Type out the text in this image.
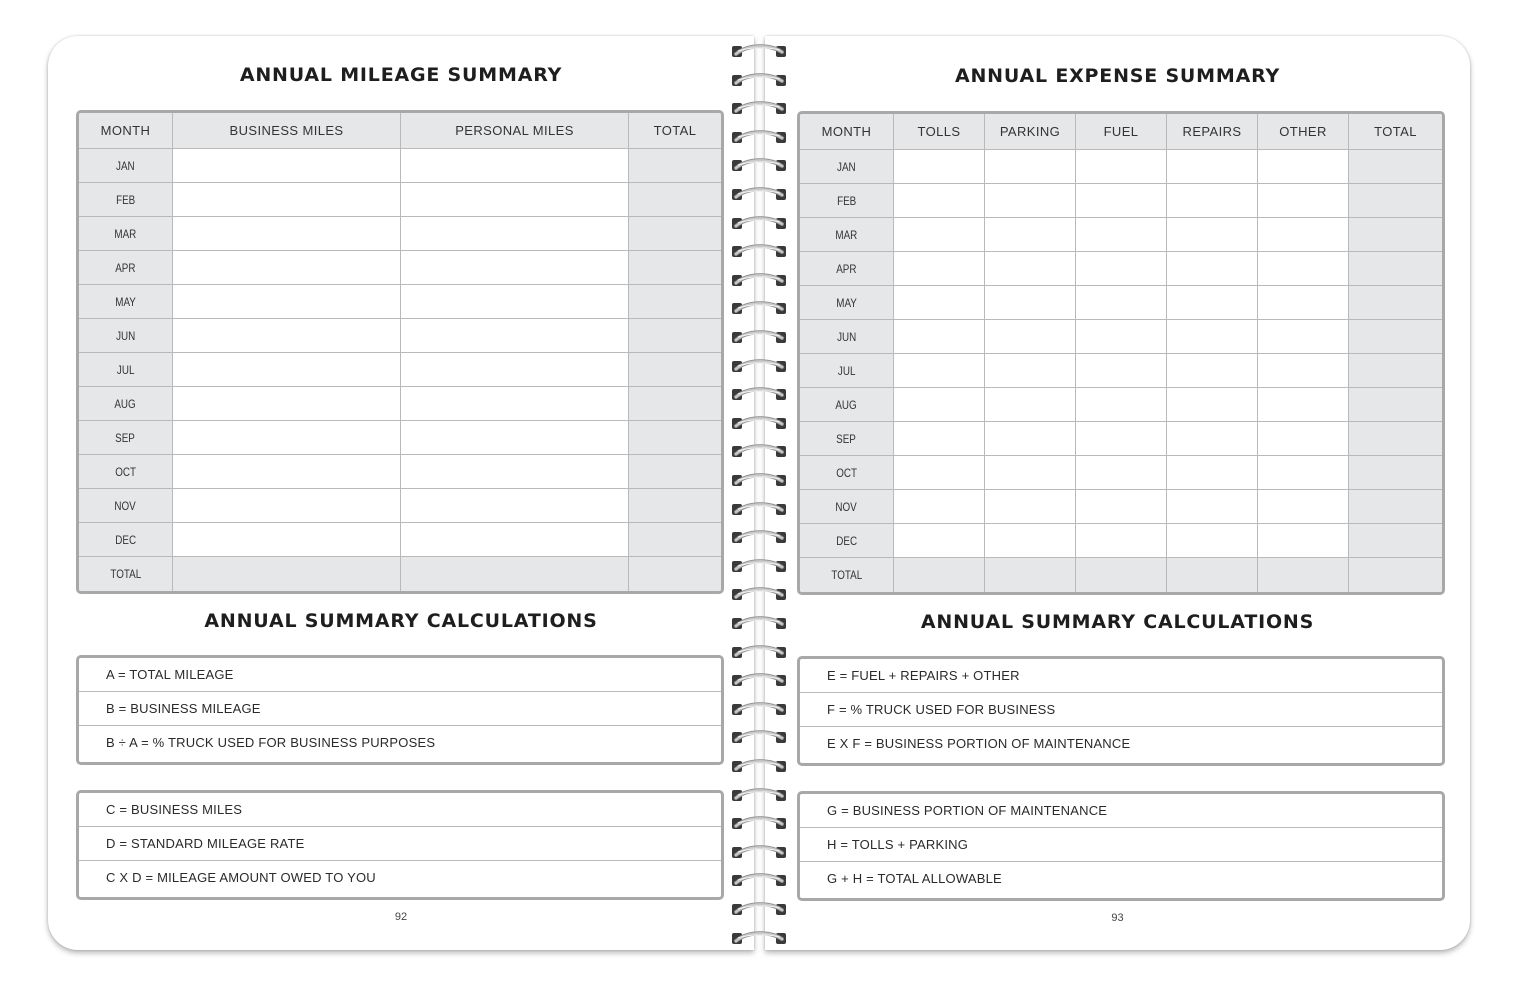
ANNUAL MILEAGE SUMMARY
MONTH	BUSINESS MILES	PERSONAL MILES	TOTAL
JAN			
FEB			
MAR			
APR			
MAY			
JUN			
JUL			
AUG			
SEP			
OCT			
NOV			
DEC			
TOTAL			
ANNUAL SUMMARY CALCULATIONS
A = TOTAL MILEAGE
B = BUSINESS MILEAGE
B ÷ A = % TRUCK USED FOR BUSINESS PURPOSES
C = BUSINESS MILES
D = STANDARD MILEAGE RATE
C X D = MILEAGE AMOUNT OWED TO YOU
92
ANNUAL EXPENSE SUMMARY
MONTH	TOLLS	PARKING	FUEL	REPAIRS	OTHER	TOTAL
JAN						
FEB						
MAR						
APR						
MAY						
JUN						
JUL						
AUG						
SEP						
OCT						
NOV						
DEC						
TOTAL						
ANNUAL SUMMARY CALCULATIONS
E = FUEL + REPAIRS + OTHER
F = % TRUCK USED FOR BUSINESS
E X F = BUSINESS PORTION OF MAINTENANCE
G = BUSINESS PORTION OF MAINTENANCE
H = TOLLS + PARKING
G + H = TOTAL ALLOWABLE
93
